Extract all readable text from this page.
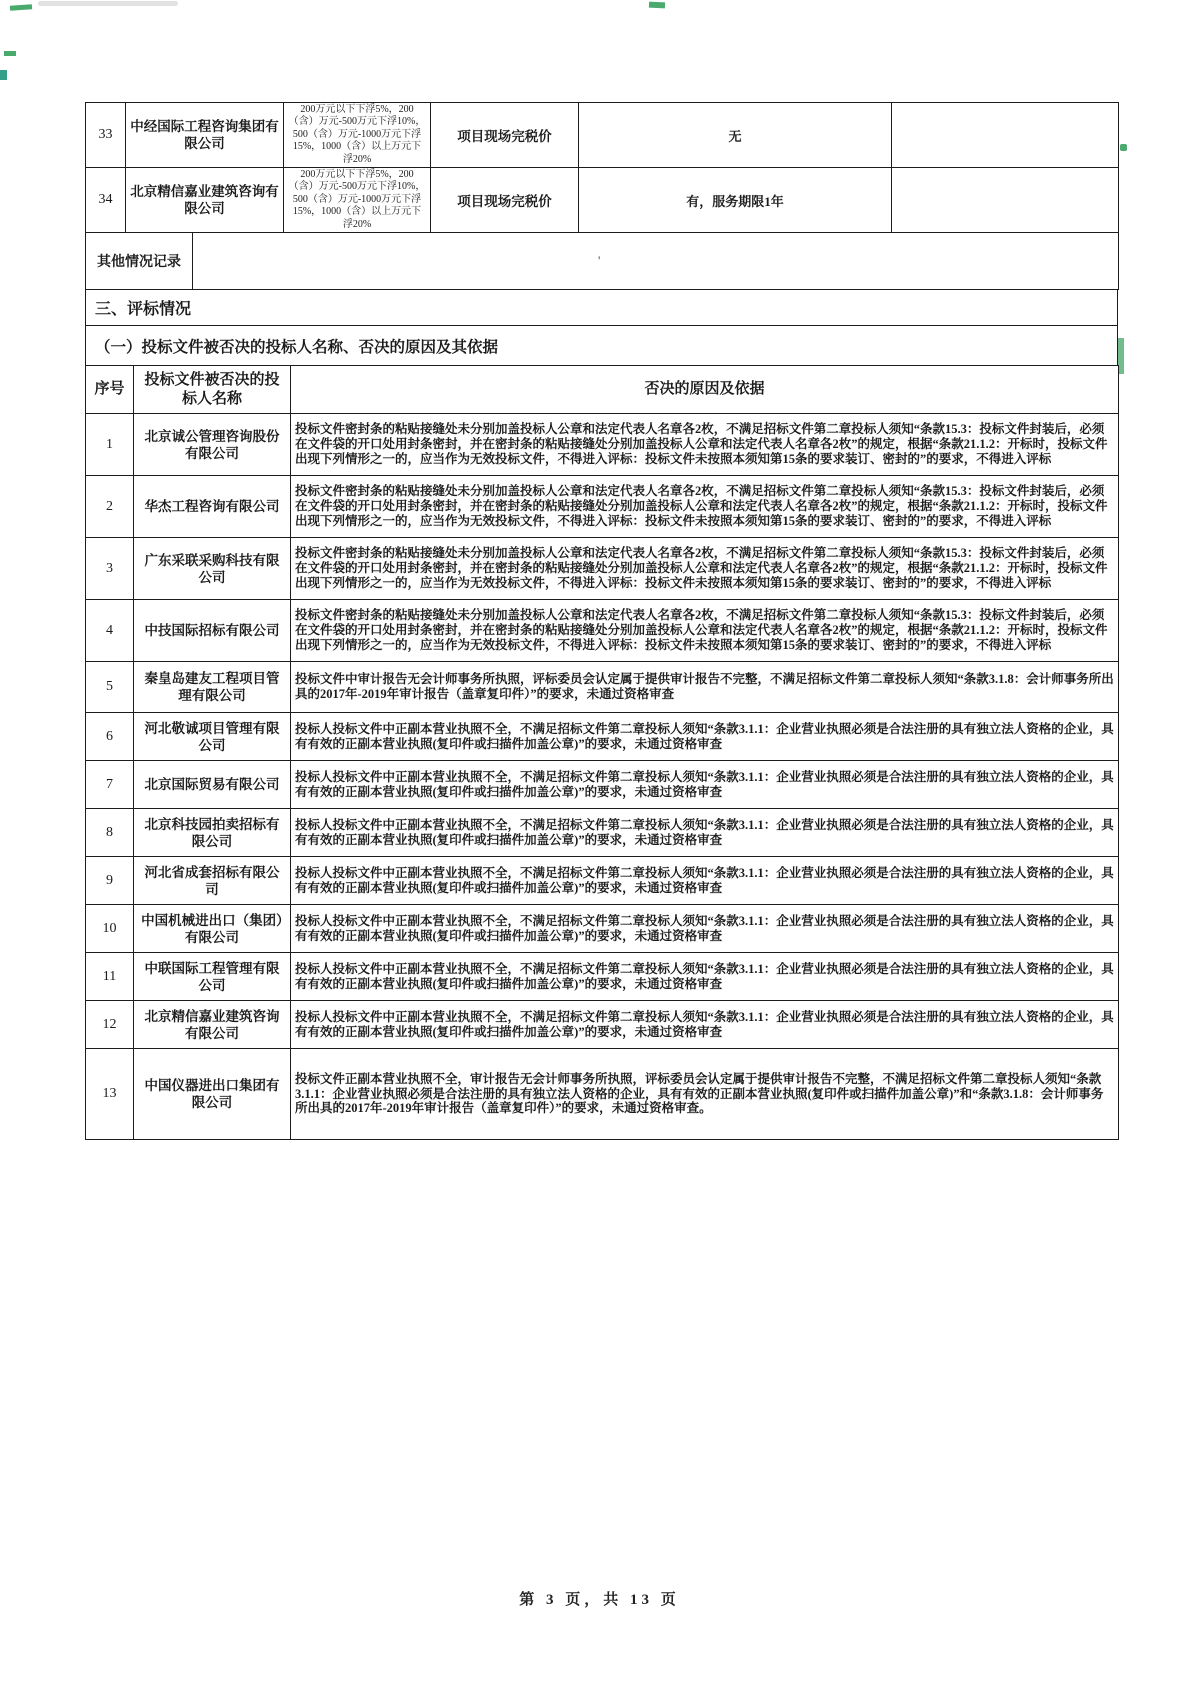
33	中经国际工程咨询集团有限公司	200万元以下下浮5%，200（含）万元-500万元下浮10%，500（含）万元-1000万元下浮15%，1000（含）以上万元下浮20%	项目现场完税价	无	
34	北京精信嘉业建筑咨询有限公司	200万元以下下浮5%，200（含）万元-500万元下浮10%，500（含）万元-1000万元下浮15%，1000（含）以上万元下浮20%	项目现场完税价	有，服务期限1年	
其他情况记录	'
三、评标情况
（一）投标文件被否决的投标人名称、否决的原因及其依据
序号	投标文件被否决的投标人名称	否决的原因及依据
1	北京诚公管理咨询股份有限公司	投标文件密封条的粘贴接缝处未分别加盖投标人公章和法定代表人名章各2枚，不满足招标文件第二章投标人须知“条款15.3：投标文件封装后，必须在文件袋的开口处用封条密封，并在密封条的粘贴接缝处分别加盖投标人公章和法定代表人名章各2枚”的规定，根据“条款21.1.2：开标时，投标文件出现下列情形之一的，应当作为无效投标文件，不得进入评标：投标文件未按照本须知第15条的要求装订、密封的”的要求，不得进入评标
2	华杰工程咨询有限公司	投标文件密封条的粘贴接缝处未分别加盖投标人公章和法定代表人名章各2枚，不满足招标文件第二章投标人须知“条款15.3：投标文件封装后，必须在文件袋的开口处用封条密封，并在密封条的粘贴接缝处分别加盖投标人公章和法定代表人名章各2枚”的规定，根据“条款21.1.2：开标时，投标文件出现下列情形之一的，应当作为无效投标文件，不得进入评标：投标文件未按照本须知第15条的要求装订、密封的”的要求，不得进入评标
3	广东采联采购科技有限公司	投标文件密封条的粘贴接缝处未分别加盖投标人公章和法定代表人名章各2枚，不满足招标文件第二章投标人须知“条款15.3：投标文件封装后，必须在文件袋的开口处用封条密封，并在密封条的粘贴接缝处分别加盖投标人公章和法定代表人名章各2枚”的规定，根据“条款21.1.2：开标时，投标文件出现下列情形之一的，应当作为无效投标文件，不得进入评标：投标文件未按照本须知第15条的要求装订、密封的”的要求，不得进入评标
4	中技国际招标有限公司	投标文件密封条的粘贴接缝处未分别加盖投标人公章和法定代表人名章各2枚，不满足招标文件第二章投标人须知“条款15.3：投标文件封装后，必须在文件袋的开口处用封条密封，并在密封条的粘贴接缝处分别加盖投标人公章和法定代表人名章各2枚”的规定，根据“条款21.1.2：开标时，投标文件出现下列情形之一的，应当作为无效投标文件，不得进入评标：投标文件未按照本须知第15条的要求装订、密封的”的要求，不得进入评标
5	秦皇岛建友工程项目管理有限公司	投标文件中审计报告无会计师事务所执照，评标委员会认定属于提供审计报告不完整，不满足招标文件第二章投标人须知“条款3.1.8：会计师事务所出具的2017年-2019年审计报告（盖章复印件）”的要求，未通过资格审查
6	河北敬诚项目管理有限公司	投标人投标文件中正副本营业执照不全，不满足招标文件第二章投标人须知“条款3.1.1：企业营业执照必须是合法注册的具有独立法人资格的企业，具有有效的正副本营业执照(复印件或扫描件加盖公章)”的要求，未通过资格审查
7	北京国际贸易有限公司	投标人投标文件中正副本营业执照不全，不满足招标文件第二章投标人须知“条款3.1.1：企业营业执照必须是合法注册的具有独立法人资格的企业，具有有效的正副本营业执照(复印件或扫描件加盖公章)”的要求，未通过资格审查
8	北京科技园拍卖招标有限公司	投标人投标文件中正副本营业执照不全，不满足招标文件第二章投标人须知“条款3.1.1：企业营业执照必须是合法注册的具有独立法人资格的企业，具有有效的正副本营业执照(复印件或扫描件加盖公章)”的要求，未通过资格审查
9	河北省成套招标有限公司	投标人投标文件中正副本营业执照不全，不满足招标文件第二章投标人须知“条款3.1.1：企业营业执照必须是合法注册的具有独立法人资格的企业，具有有效的正副本营业执照(复印件或扫描件加盖公章)”的要求，未通过资格审查
10	中国机械进出口（集团）有限公司	投标人投标文件中正副本营业执照不全，不满足招标文件第二章投标人须知“条款3.1.1：企业营业执照必须是合法注册的具有独立法人资格的企业，具有有效的正副本营业执照(复印件或扫描件加盖公章)”的要求，未通过资格审查
11	中联国际工程管理有限公司	投标人投标文件中正副本营业执照不全，不满足招标文件第二章投标人须知“条款3.1.1：企业营业执照必须是合法注册的具有独立法人资格的企业，具有有效的正副本营业执照(复印件或扫描件加盖公章)”的要求，未通过资格审查
12	北京精信嘉业建筑咨询有限公司	投标人投标文件中正副本营业执照不全，不满足招标文件第二章投标人须知“条款3.1.1：企业营业执照必须是合法注册的具有独立法人资格的企业，具有有效的正副本营业执照(复印件或扫描件加盖公章)”的要求，未通过资格审查
13	中国仪器进出口集团有限公司	投标文件正副本营业执照不全，审计报告无会计师事务所执照，评标委员会认定属于提供审计报告不完整，不满足招标文件第二章投标人须知“条款3.1.1：企业营业执照必须是合法注册的具有独立法人资格的企业，具有有效的正副本营业执照(复印件或扫描件加盖公章)”和“条款3.1.8：会计师事务所出具的2017年-2019年审计报告（盖章复印件）”的要求，未通过资格审查。
第 3 页，共 13 页
